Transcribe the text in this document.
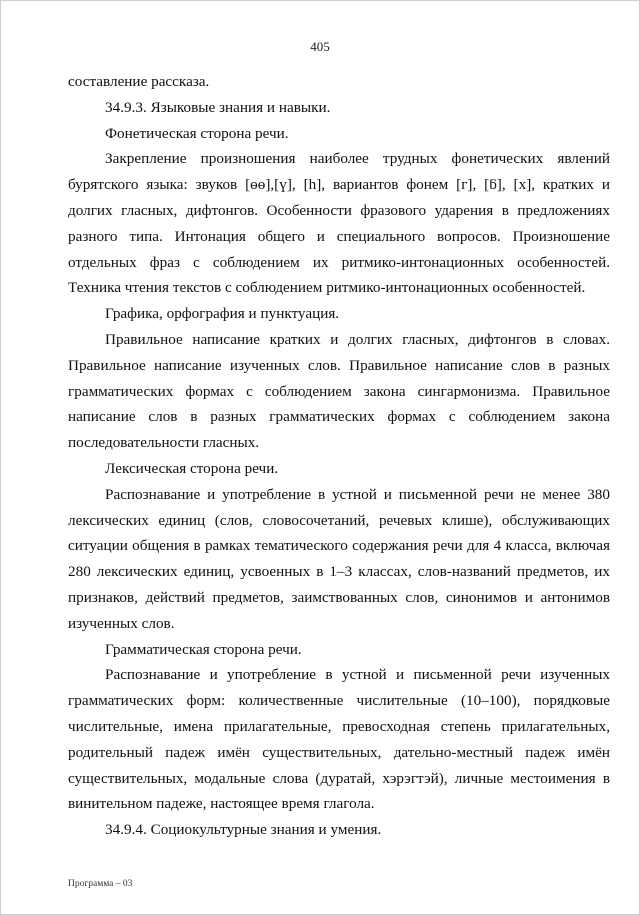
405

составление рассказа.

34.9.3. Языковые знания и навыки.

Фонетическая сторона речи.

Закрепление произношения наиболее трудных фонетических явлений бурятского языка: звуков [өө],[ү], [h], вариантов фонем [г], [ƃ], [х], кратких и долгих гласных, дифтонгов. Особенности фразового ударения в предложениях разного типа. Интонация общего и специального вопросов. Произношение отдельных фраз с соблюдением их ритмико-интонационных особенностей. Техника чтения текстов с соблюдением ритмико-интонационных особенностей.

Графика, орфография и пунктуация.

Правильное написание кратких и долгих гласных, дифтонгов в словах. Правильное написание изученных слов. Правильное написание слов в разных грамматических формах с соблюдением закона сингармонизма. Правильное написание слов в разных грамматических формах с соблюдением закона последовательности гласных.

Лексическая сторона речи.

Распознавание и употребление в устной и письменной речи не менее 380 лексических единиц (слов, словосочетаний, речевых клише), обслуживающих ситуации общения в рамках тематического содержания речи для 4 класса, включая 280 лексических единиц, усвоенных в 1–3 классах, слов-названий предметов, их признаков, действий предметов, заимствованных слов, синонимов и антонимов изученных слов.

Грамматическая сторона речи.

Распознавание и употребление в устной и письменной речи изученных грамматических форм: количественные числительные (10–100), порядковые числительные, имена прилагательные, превосходная степень прилагательных, родительный падеж имён существительных, дательно-местный падеж имён существительных, модальные слова (дуратай, хэрэгтэй), личные местоимения в винительном падеже, настоящее время глагола.

34.9.4. Социокультурные знания и умения.

Программа – 03
